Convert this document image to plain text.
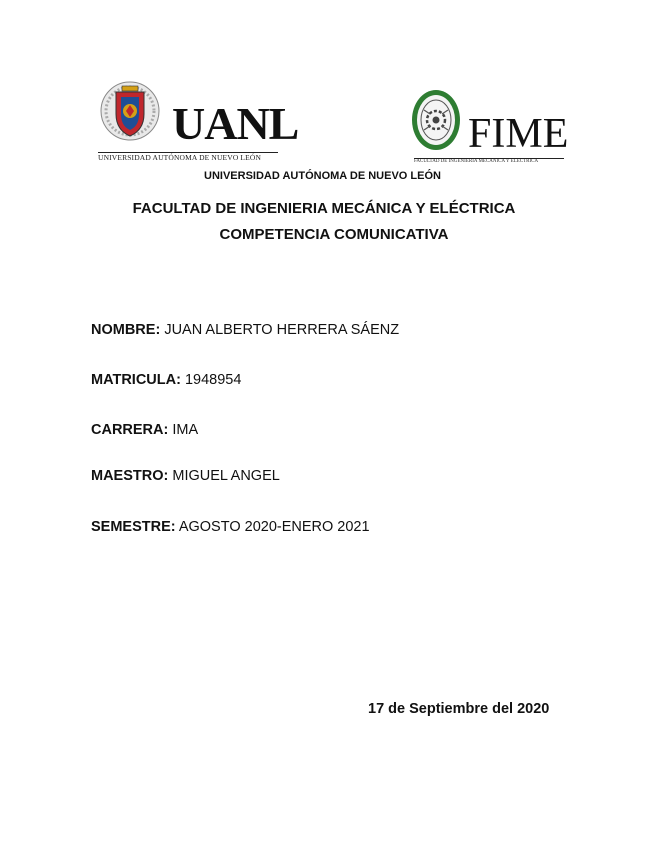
UANL
UNIVERSIDAD AUTÓNOMA DE NUEVO LEÓN
FIME
FACULTAD DE INGENIERÍA MECÁNICA Y ELÉCTRICA
UNIVERSIDAD AUTÓNOMA DE NUEVO LEÓN
FACULTAD DE INGENIERIA MECÁNICA Y ELÉCTRICA
COMPETENCIA COMUNICATIVA
NOMBRE: JUAN ALBERTO HERRERA SÁENZ
MATRICULA: 1948954
CARRERA: IMA
MAESTRO: MIGUEL ANGEL
SEMESTRE: AGOSTO 2020-ENERO 2021
17 de Septiembre del 2020
